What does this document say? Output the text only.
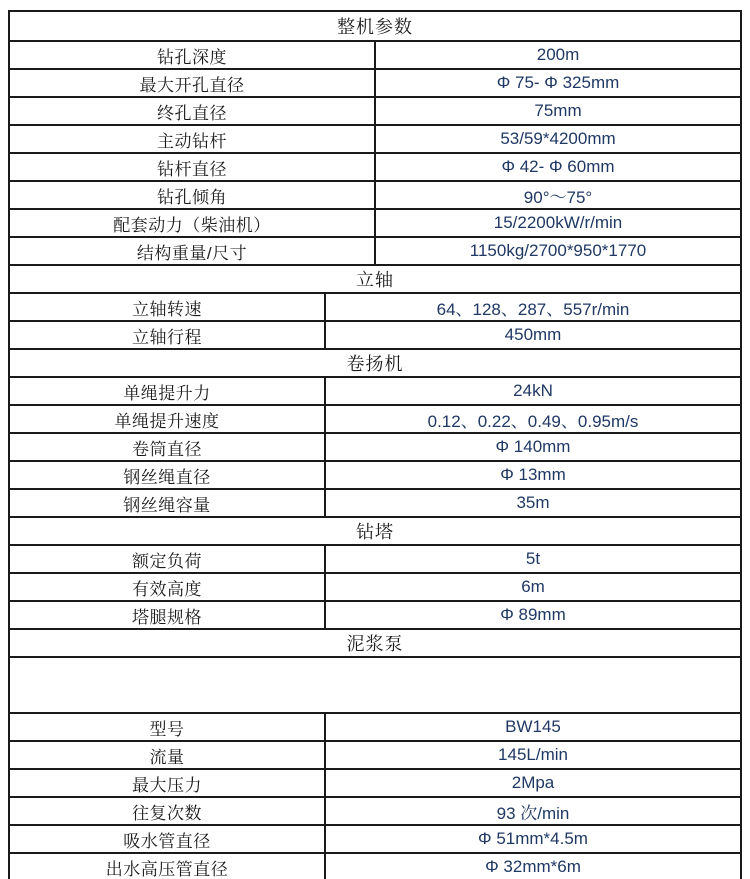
整机参数
钻孔深度	200m
最大开孔直径	Φ 75- Φ 325mm
终孔直径	75mm
主动钻杆	53/59*4200mm
钻杆直径	Φ 42- Φ 60mm
钻孔倾角	90°～75°
配套动力（柴油机）	15/2200kW/r/min
结构重量/尺寸	1150kg/2700*950*1770
立轴
立轴转速	64、128、287、557r/min
立轴行程	450mm
卷扬机
单绳提升力	24kN
单绳提升速度	0.12、0.22、0.49、0.95m/s
卷筒直径	Φ 140mm
钢丝绳直径	Φ 13mm
钢丝绳容量	35m
钻塔
额定负荷	5t
有效高度	6m
塔腿规格	Φ 89mm
泥浆泵
型号	BW145
流量	145L/min
最大压力	2Mpa
往复次数	93 次/min
吸水管直径	Φ 51mm*4.5m
出水高压管直径	Φ 32mm*6m
